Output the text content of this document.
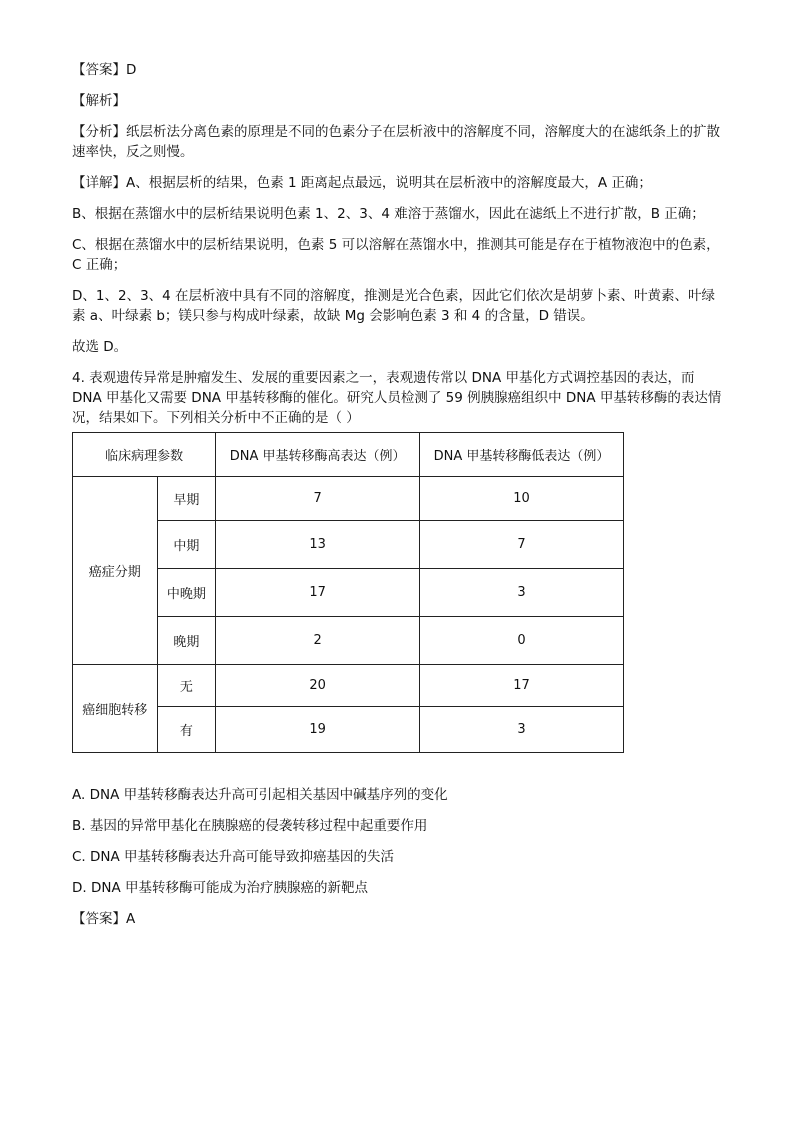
【答案】D
【解析】
【分析】纸层析法分离色素的原理是不同的色素分子在层析液中的溶解度不同，溶解度大的在滤纸条上的扩散速率快，反之则慢。
【详解】A、根据层析的结果，色素 1 距离起点最远，说明其在层析液中的溶解度最大，A 正确；
B、根据在蒸馏水中的层析结果说明色素 1、2、3、4 难溶于蒸馏水，因此在滤纸上不进行扩散，B 正确；
C、根据在蒸馏水中的层析结果说明，色素 5 可以溶解在蒸馏水中，推测其可能是存在于植物液泡中的色素，C 正确；
D、1、2、3、4 在层析液中具有不同的溶解度，推测是光合色素，因此它们依次是胡萝卜素、叶黄素、叶绿素 a、叶绿素 b；镁只参与构成叶绿素，故缺 Mg 会影响色素 3 和 4 的含量，D 错误。
故选 D。
4. 表观遗传异常是肿瘤发生、发展的重要因素之一，表观遗传常以 DNA 甲基化方式调控基因的表达，而 DNA 甲基化又需要 DNA 甲基转移酶的催化。研究人员检测了 59 例胰腺癌组织中 DNA 甲基转移酶的表达情况，结果如下。下列相关分析中不正确的是（ ）
临床病理参数		DNA 甲基转移酶高表达（例）	DNA 甲基转移酶低表达（例）
癌症分期	早期	7	10
	中期	13	7
	中晚期	17	3
	晚期	2	0
癌细胞转移	无	20	17
	有	19	3
A. DNA 甲基转移酶表达升高可引起相关基因中碱基序列的变化
B. 基因的异常甲基化在胰腺癌的侵袭转移过程中起重要作用
C. DNA 甲基转移酶表达升高可能导致抑癌基因的失活
D. DNA 甲基转移酶可能成为治疗胰腺癌的新靶点
【答案】A
